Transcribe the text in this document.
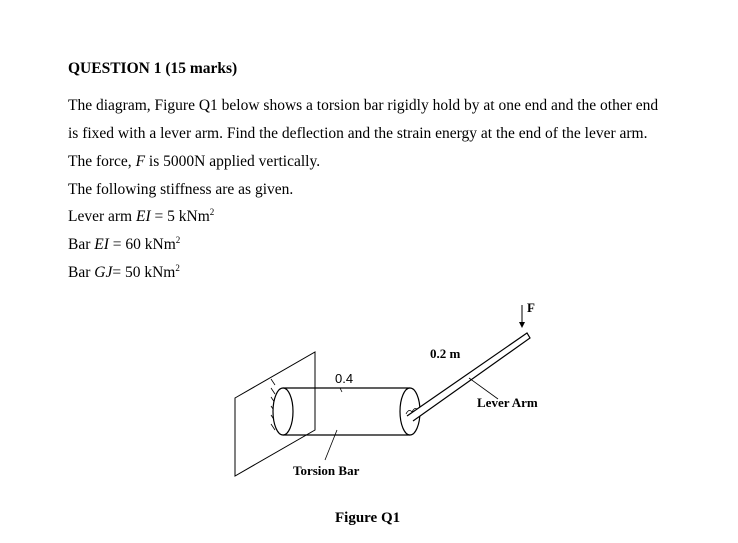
QUESTION 1 (15 marks)
The diagram, Figure Q1 below shows a torsion bar rigidly hold by at one end and the other end
is fixed with a lever arm. Find the deflection and the strain energy at the end of the lever arm.
The force, F is 5000N applied vertically.
The following stiffness are as given.
Lever arm EI = 5 kNm$^2$
Bar EI = 60 kNm$^2$
Bar GJ= 50 kNm$^2$
F
0.2 m
0.4
Lever Arm
Torsion Bar
Figure Q1
